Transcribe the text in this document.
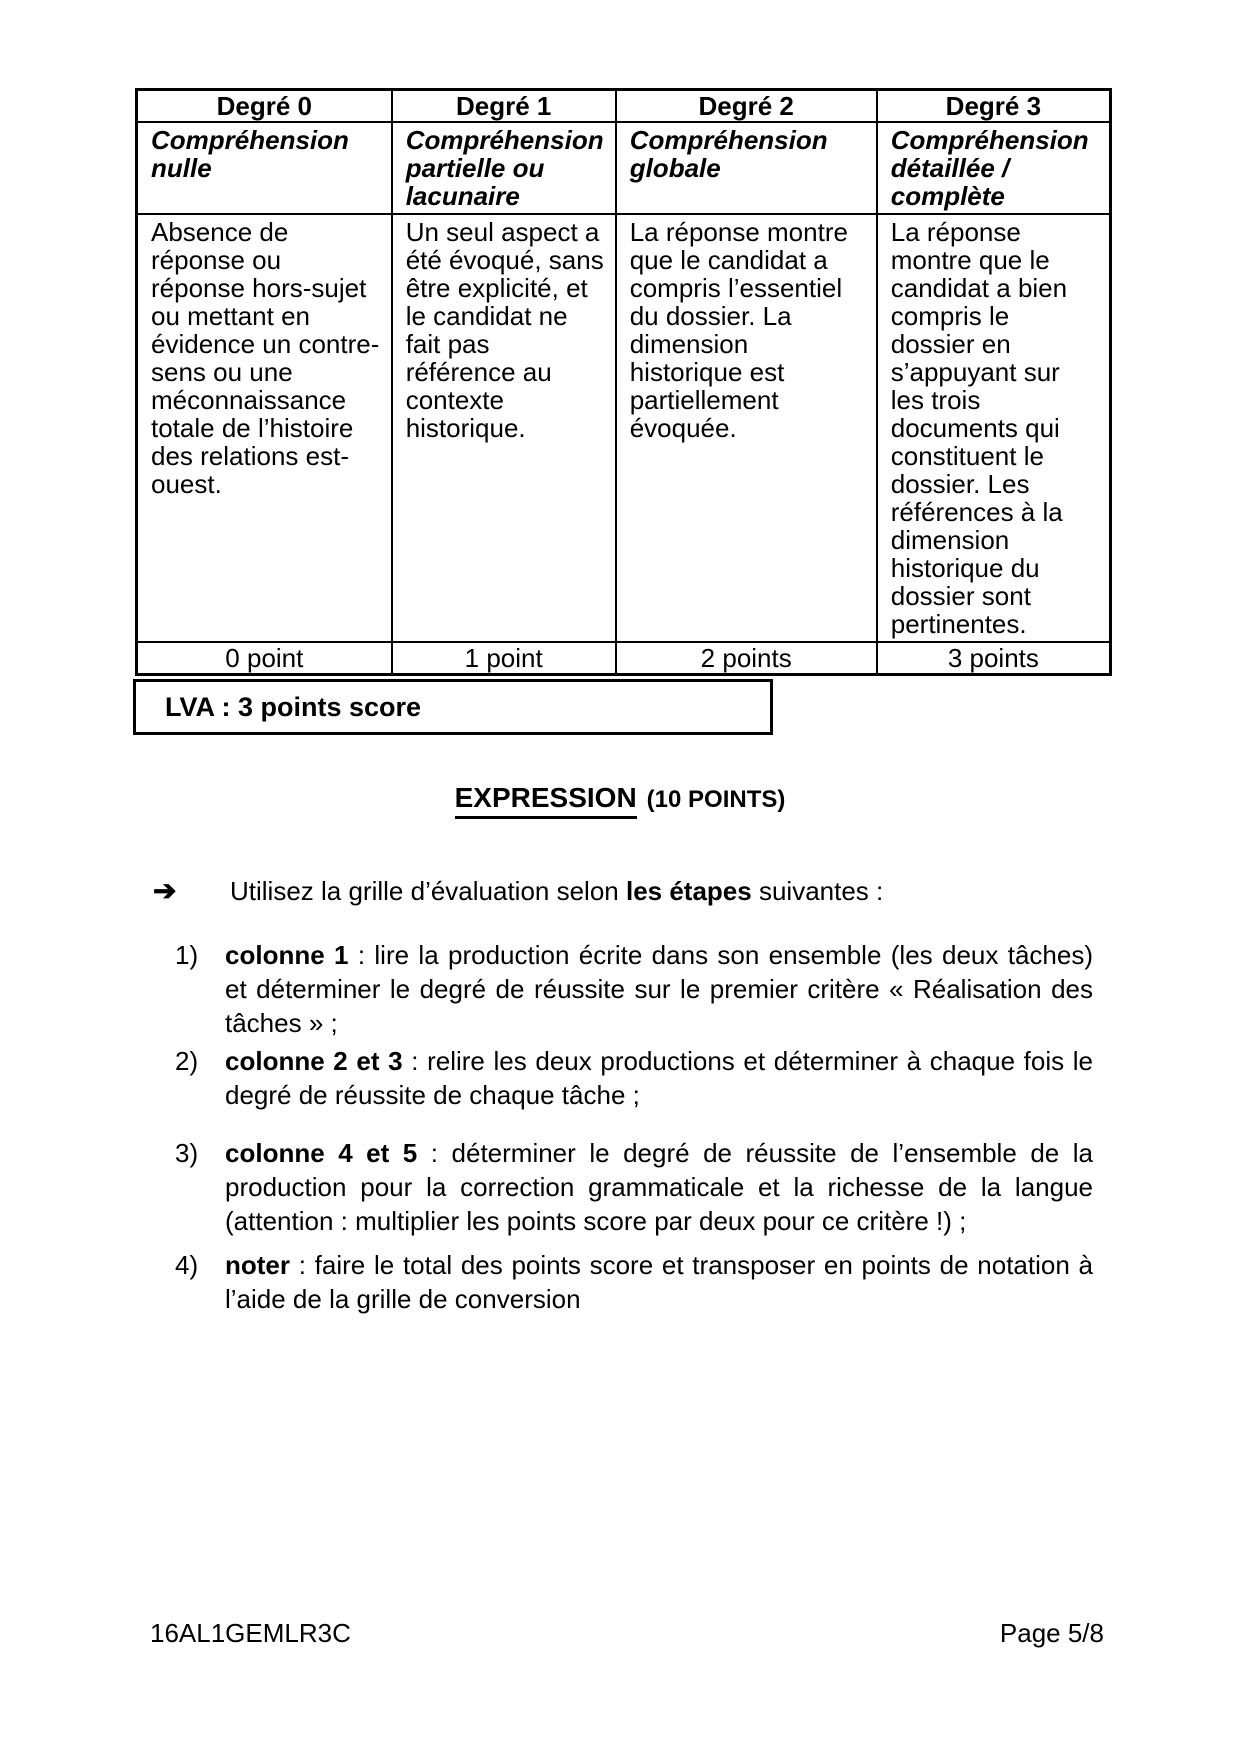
Degré 0	Degré 1	Degré 2	Degré 3
Compréhension nulle	Compréhension partielle ou lacunaire	Compréhension globale	Compréhension détaillée / complète
Absence de réponse ou réponse hors-sujet ou mettant en évidence un contre-sens ou une méconnaissance totale de l’histoire des relations est-ouest.	Un seul aspect a été évoqué, sans être explicité, et le candidat ne fait pas référence au contexte historique.	La réponse montre que le candidat a compris l’essentiel du dossier. La dimension historique est partiellement évoquée.	La réponse montre que le candidat a bien compris le dossier en s’appuyant sur les trois documents qui constituent le dossier. Les références à la dimension historique du dossier sont pertinentes.
0 point	1 point	2 points	3 points
LVA : 3 points score
EXPRESSION (10 POINTS)
➔ Utilisez la grille d’évaluation selon les étapes suivantes :
1)	colonne 1 : lire la production écrite dans son ensemble (les deux tâches) et déterminer le degré de réussite sur le premier critère « Réalisation des tâches » ;
2)	colonne 2 et 3 : relire les deux productions et déterminer à chaque fois le degré de réussite de chaque tâche ;
3)	colonne 4 et 5 : déterminer le degré de réussite de l’ensemble de la production pour la correction grammaticale et la richesse de la langue (attention : multiplier les points score par deux pour ce critère !) ;
4)	noter : faire le total des points score et transposer en points de notation à l’aide de la grille de conversion
16AL1GEMLR3C	Page 5/8
